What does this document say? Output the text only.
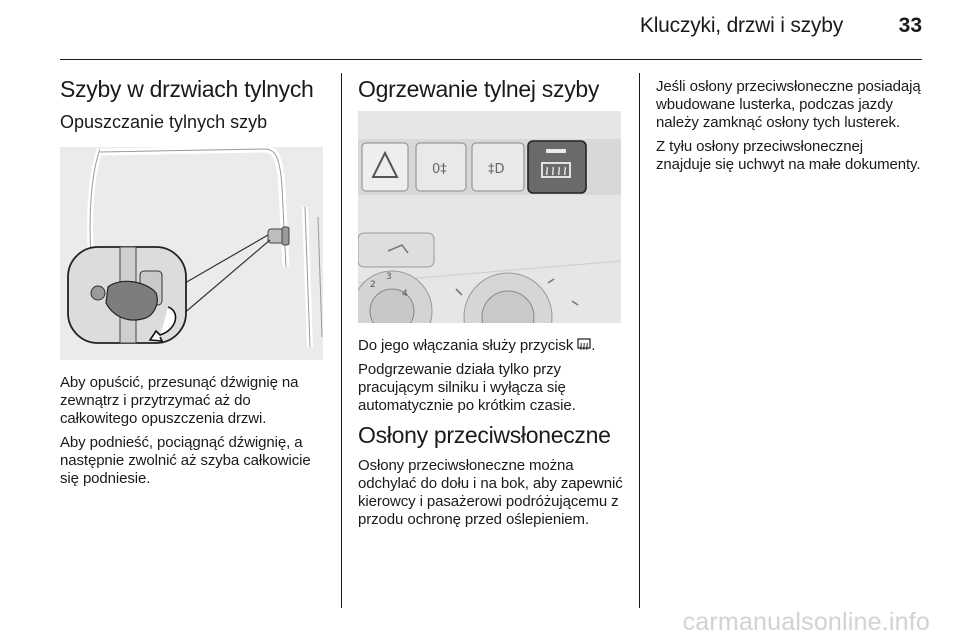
Kluczyki, drzwi i szyby	33
Szyby w drzwiach tylnych
Opuszczanie tylnych szyb

Aby opuścić, przesunąć dźwignię na zewnątrz i przytrzymać aż do całkowitego opuszczenia drzwi.

Aby podnieść, pociągnąć dźwignię, a następnie zwolnić aż szyba całkowicie się podniesie.

Ogrzewanie tylnej szyby
0‡	‡D
2
3
4

Do jego włączania służy przycisk .

Podgrzewanie działa tylko przy pracującym silniku i wyłącza się automatycznie po krótkim czasie.

Osłony przeciwsłoneczne

Osłony przeciwsłoneczne można odchylać do dołu i na bok, aby zapewnić kierowcy i pasażerowi podróżującemu z przodu ochronę przed oślepieniem.

Jeśli osłony przeciwsłoneczne posiadają wbudowane lusterka, podczas jazdy należy zamknąć osłony tych lusterek.

Z tyłu osłony przeciwsłonecznej znajduje się uchwyt na małe dokumenty.

carmanualsonline.info
